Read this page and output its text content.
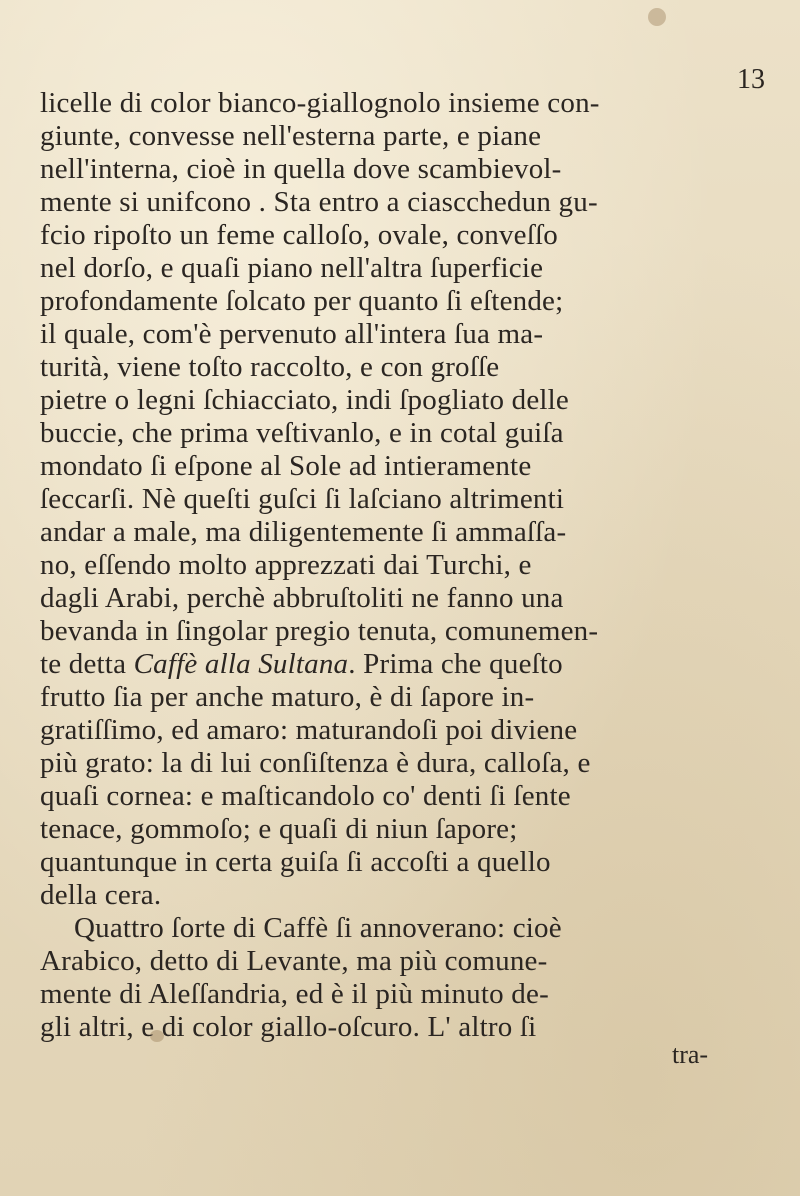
13
licelle di color bianco-giallognolo insieme con-
giunte, convesse nell'esterna parte, e piane
nell'interna, cioè in quella dove scambievol-
mente si unifcono . Sta entro a ciascchedun gu-
fcio ripoſto un feme calloſo, ovale, conveſſo
nel dorſo, e quaſi piano nell'altra ſuperficie
profondamente ſolcato per quanto ſi eſtende;
il quale, com'è pervenuto all'intera ſua ma-
turità, viene toſto raccolto, e con groſſe
pietre o legni ſchiacciato, indi ſpogliato delle
buccie, che prima veſtivanlo, e in cotal guiſa
mondato ſi eſpone al Sole ad intieramente
ſeccarſi. Nè queſti guſci ſi laſciano altrimenti
andar a male, ma diligentemente ſi ammaſſa-
no, eſſendo molto apprezzati dai Turchi, e
dagli Arabi, perchè abbruſtoliti ne fanno una
bevanda in ſingolar pregio tenuta, comunemen-
te detta Caffè alla Sultana. Prima che queſto
frutto ſia per anche maturo, è di ſapore in-
gratiſſimo, ed amaro: maturandoſi poi diviene
più grato: la di lui conſiſtenza è dura, calloſa, e
quaſi cornea: e maſticandolo co' denti ſi ſente
tenace, gommoſo; e quaſi di niun ſapore;
quantunque in certa guiſa ſi accoſti a quello
della cera.
Quattro ſorte di Caffè ſi annoverano: cioè
Arabico, detto di Levante, ma più comune-
mente di Aleſſandria, ed è il più minuto de-
gli altri, e di color giallo-oſcuro. L' altro ſi
tra-
